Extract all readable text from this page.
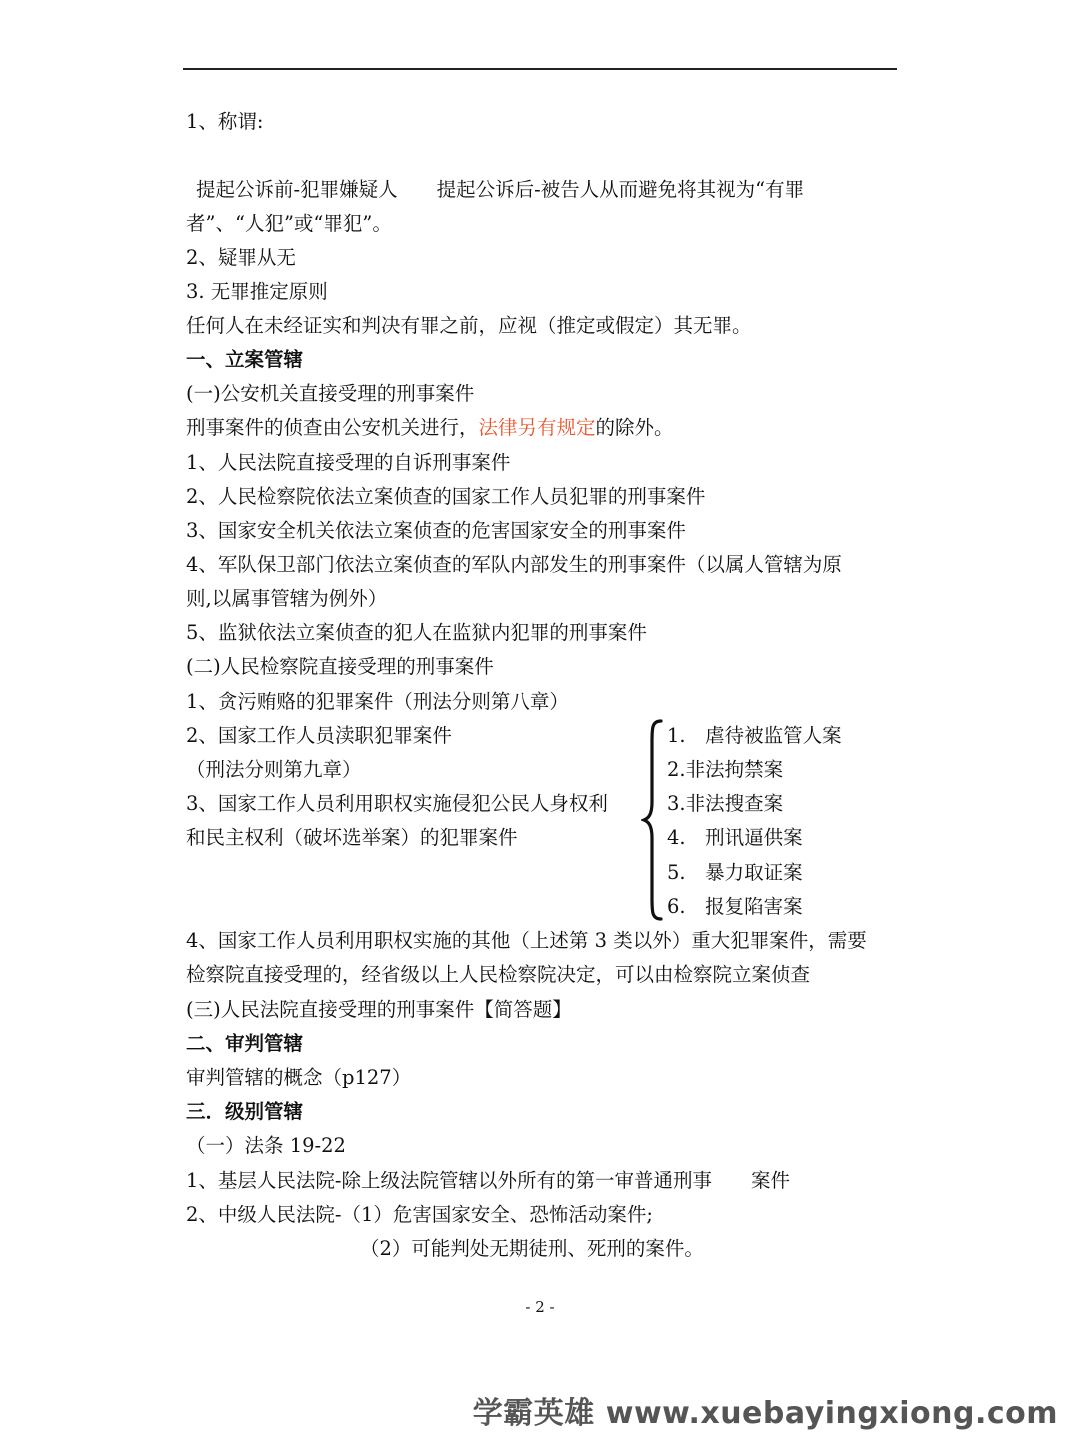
1、称谓:
提起公诉前-犯罪嫌疑人　　提起公诉后-被告人从而避免将其视为“有罪
者”、“人犯”或“罪犯”。
2、疑罪从无
3. 无罪推定原则
任何人在未经证实和判决有罪之前，应视（推定或假定）其无罪。
一、立案管辖
(一)公安机关直接受理的刑事案件
刑事案件的侦查由公安机关进行，法律另有规定的除外。
1、人民法院直接受理的自诉刑事案件
2、人民检察院依法立案侦查的国家工作人员犯罪的刑事案件
3、国家安全机关依法立案侦查的危害国家安全的刑事案件
4、军队保卫部门依法立案侦查的军队内部发生的刑事案件（以属人管辖为原
则,以属事管辖为例外）
5、监狱依法立案侦查的犯人在监狱内犯罪的刑事案件
(二)人民检察院直接受理的刑事案件
1、贪污贿赂的犯罪案件（刑法分则第八章）
2、国家工作人员渎职犯罪案件
（刑法分则第九章）
3、国家工作人员利用职权实施侵犯公民人身权利
和民主权利（破坏选举案）的犯罪案件
1.　虐待被监管人案
2.非法拘禁案
3.非法搜查案
4.　刑讯逼供案
5.　暴力取证案
6.　报复陷害案
4、国家工作人员利用职权实施的其他（上述第 3 类以外）重大犯罪案件，需要
检察院直接受理的，经省级以上人民检察院决定，可以由检察院立案侦查
(三)人民法院直接受理的刑事案件【简答题】
二、审判管辖
审判管辖的概念（p127）
三．级别管辖
（一）法条 19-22
1、基层人民法院-除上级法院管辖以外所有的第一审普通刑事　　案件
2、中级人民法院-（1）危害国家安全、恐怖活动案件;
（2）可能判处无期徒刑、死刑的案件。
- 2 -
学霸英雄 www.xuebayingxiong.com
